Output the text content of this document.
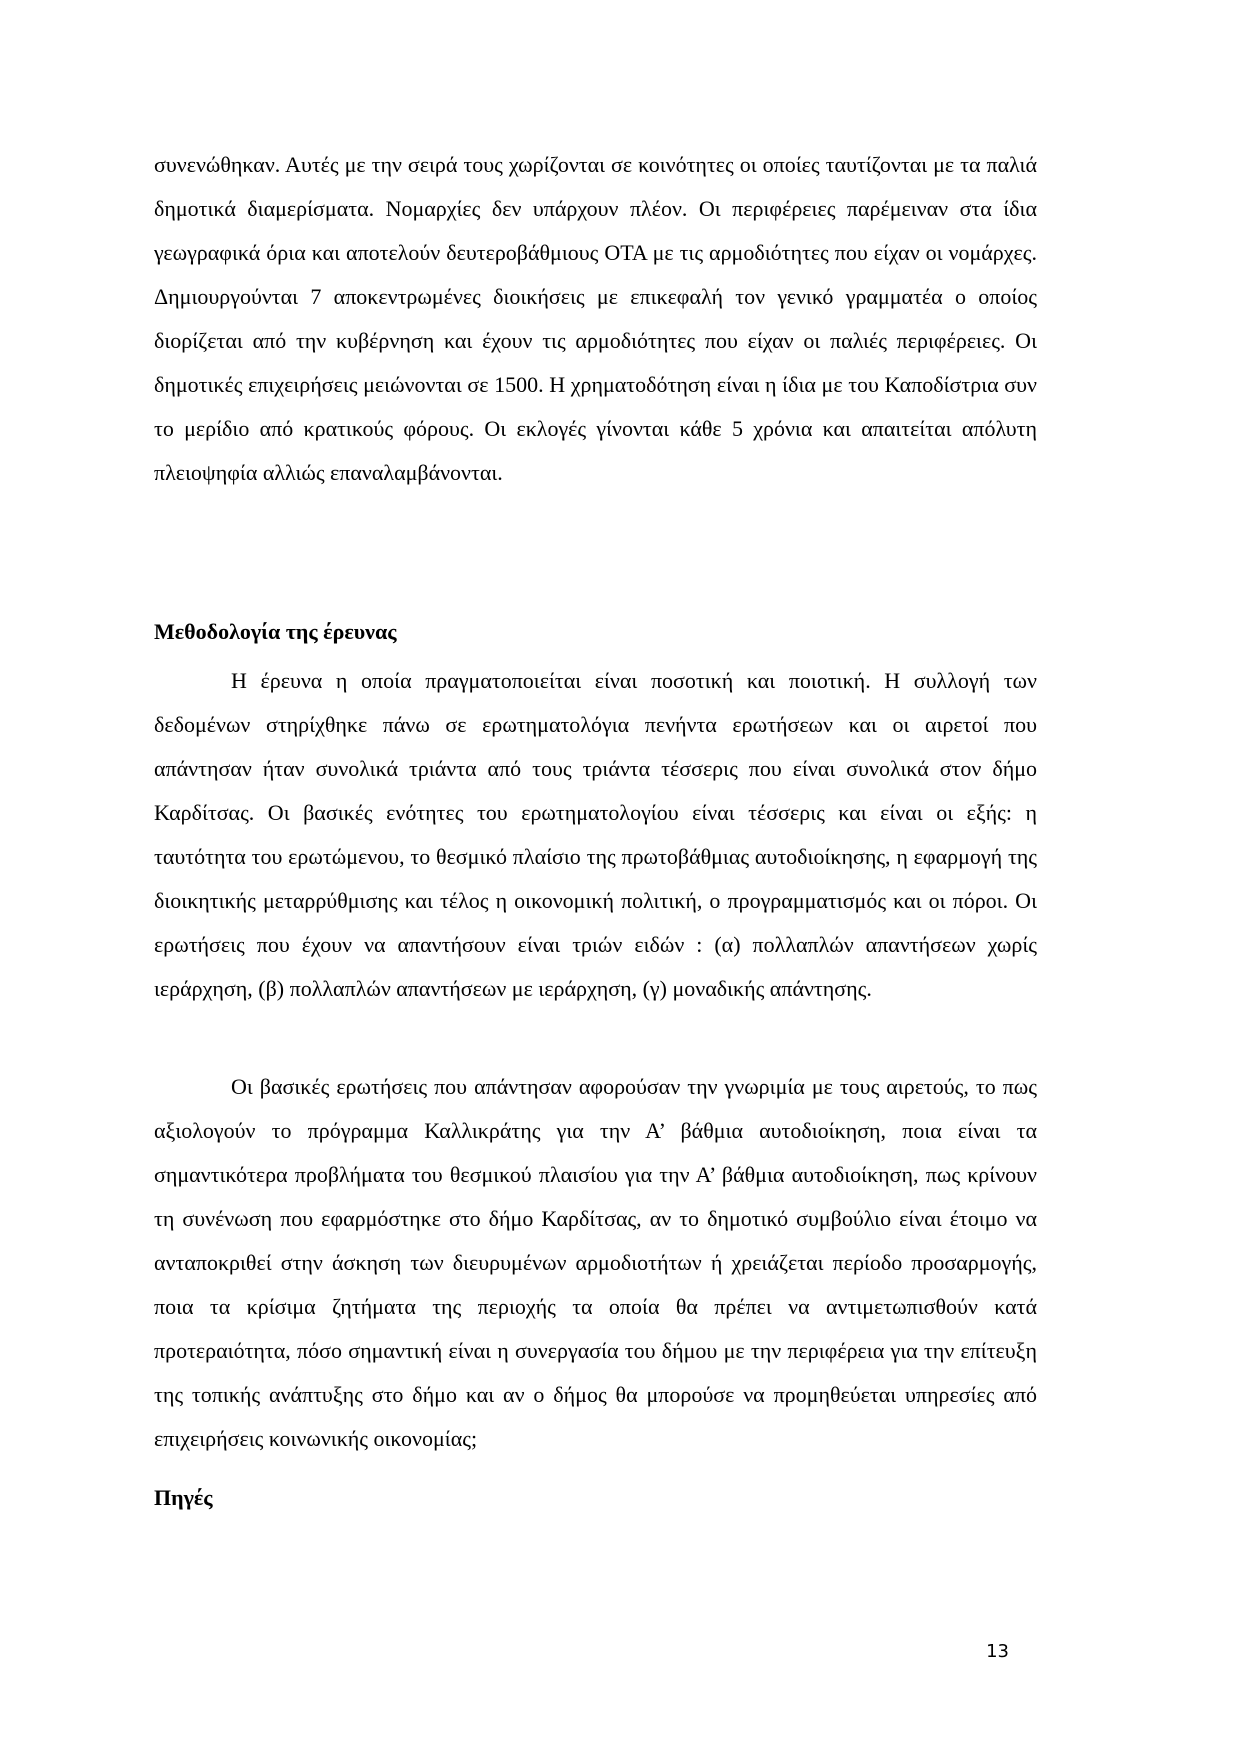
συνενώθηκαν. Αυτές με την σειρά τους χωρίζονται σε κοινότητες οι οποίες ταυτίζονται με τα παλιά δημοτικά διαμερίσματα. Νομαρχίες δεν υπάρχουν πλέον. Οι περιφέρειες παρέμειναν στα ίδια γεωγραφικά όρια και αποτελούν δευτεροβάθμιους ΟΤΑ με τις αρμοδιότητες που είχαν οι νομάρχες. Δημιουργούνται 7 αποκεντρωμένες διοικήσεις με επικεφαλή τον γενικό γραμματέα ο οποίος διορίζεται από την κυβέρνηση και έχουν τις αρμοδιότητες που είχαν οι παλιές περιφέρειες. Οι δημοτικές επιχειρήσεις μειώνονται σε 1500. Η χρηματοδότηση είναι η ίδια με του Καποδίστρια συν το μερίδιο από κρατικούς φόρους. Οι εκλογές γίνονται κάθε 5 χρόνια και απαιτείται απόλυτη πλειοψηφία αλλιώς επαναλαμβάνονται.

Μεθοδολογία της έρευνας

Η έρευνα η οποία πραγματοποιείται είναι ποσοτική και ποιοτική. Η συλλογή των δεδομένων στηρίχθηκε πάνω σε ερωτηματολόγια πενήντα ερωτήσεων και οι αιρετοί που απάντησαν ήταν συνολικά τριάντα από τους τριάντα τέσσερις που είναι συνολικά στον δήμο Καρδίτσας. Οι βασικές ενότητες του ερωτηματολογίου είναι τέσσερις και είναι οι εξής: η ταυτότητα του ερωτώμενου, το θεσμικό πλαίσιο της πρωτοβάθμιας αυτοδιοίκησης, η εφαρμογή της διοικητικής μεταρρύθμισης και τέλος η οικονομική πολιτική, ο προγραμματισμός και οι πόροι. Οι ερωτήσεις που έχουν να απαντήσουν είναι τριών ειδών : (α) πολλαπλών απαντήσεων χωρίς ιεράρχηση, (β) πολλαπλών απαντήσεων με ιεράρχηση, (γ) μοναδικής απάντησης.

Οι βασικές ερωτήσεις που απάντησαν αφορούσαν την γνωριμία με τους αιρετούς, το πως αξιολογούν το πρόγραμμα Καλλικράτης για την Α’ βάθμια αυτοδιοίκηση, ποια είναι τα σημαντικότερα προβλήματα του θεσμικού πλαισίου για την Α’ βάθμια αυτοδιοίκηση, πως κρίνουν τη συνένωση που εφαρμόστηκε στο δήμο Καρδίτσας, αν το δημοτικό συμβούλιο είναι έτοιμο να ανταποκριθεί στην άσκηση των διευρυμένων αρμοδιοτήτων ή χρειάζεται περίοδο προσαρμογής, ποια τα κρίσιμα ζητήματα της περιοχής τα οποία θα πρέπει να αντιμετωπισθούν κατά προτεραιότητα, πόσο σημαντική είναι η συνεργασία του δήμου με την περιφέρεια για την επίτευξη της τοπικής ανάπτυξης στο δήμο και αν ο δήμος θα μπορούσε να προμηθεύεται υπηρεσίες από επιχειρήσεις κοινωνικής οικονομίας;

Πηγές
13
